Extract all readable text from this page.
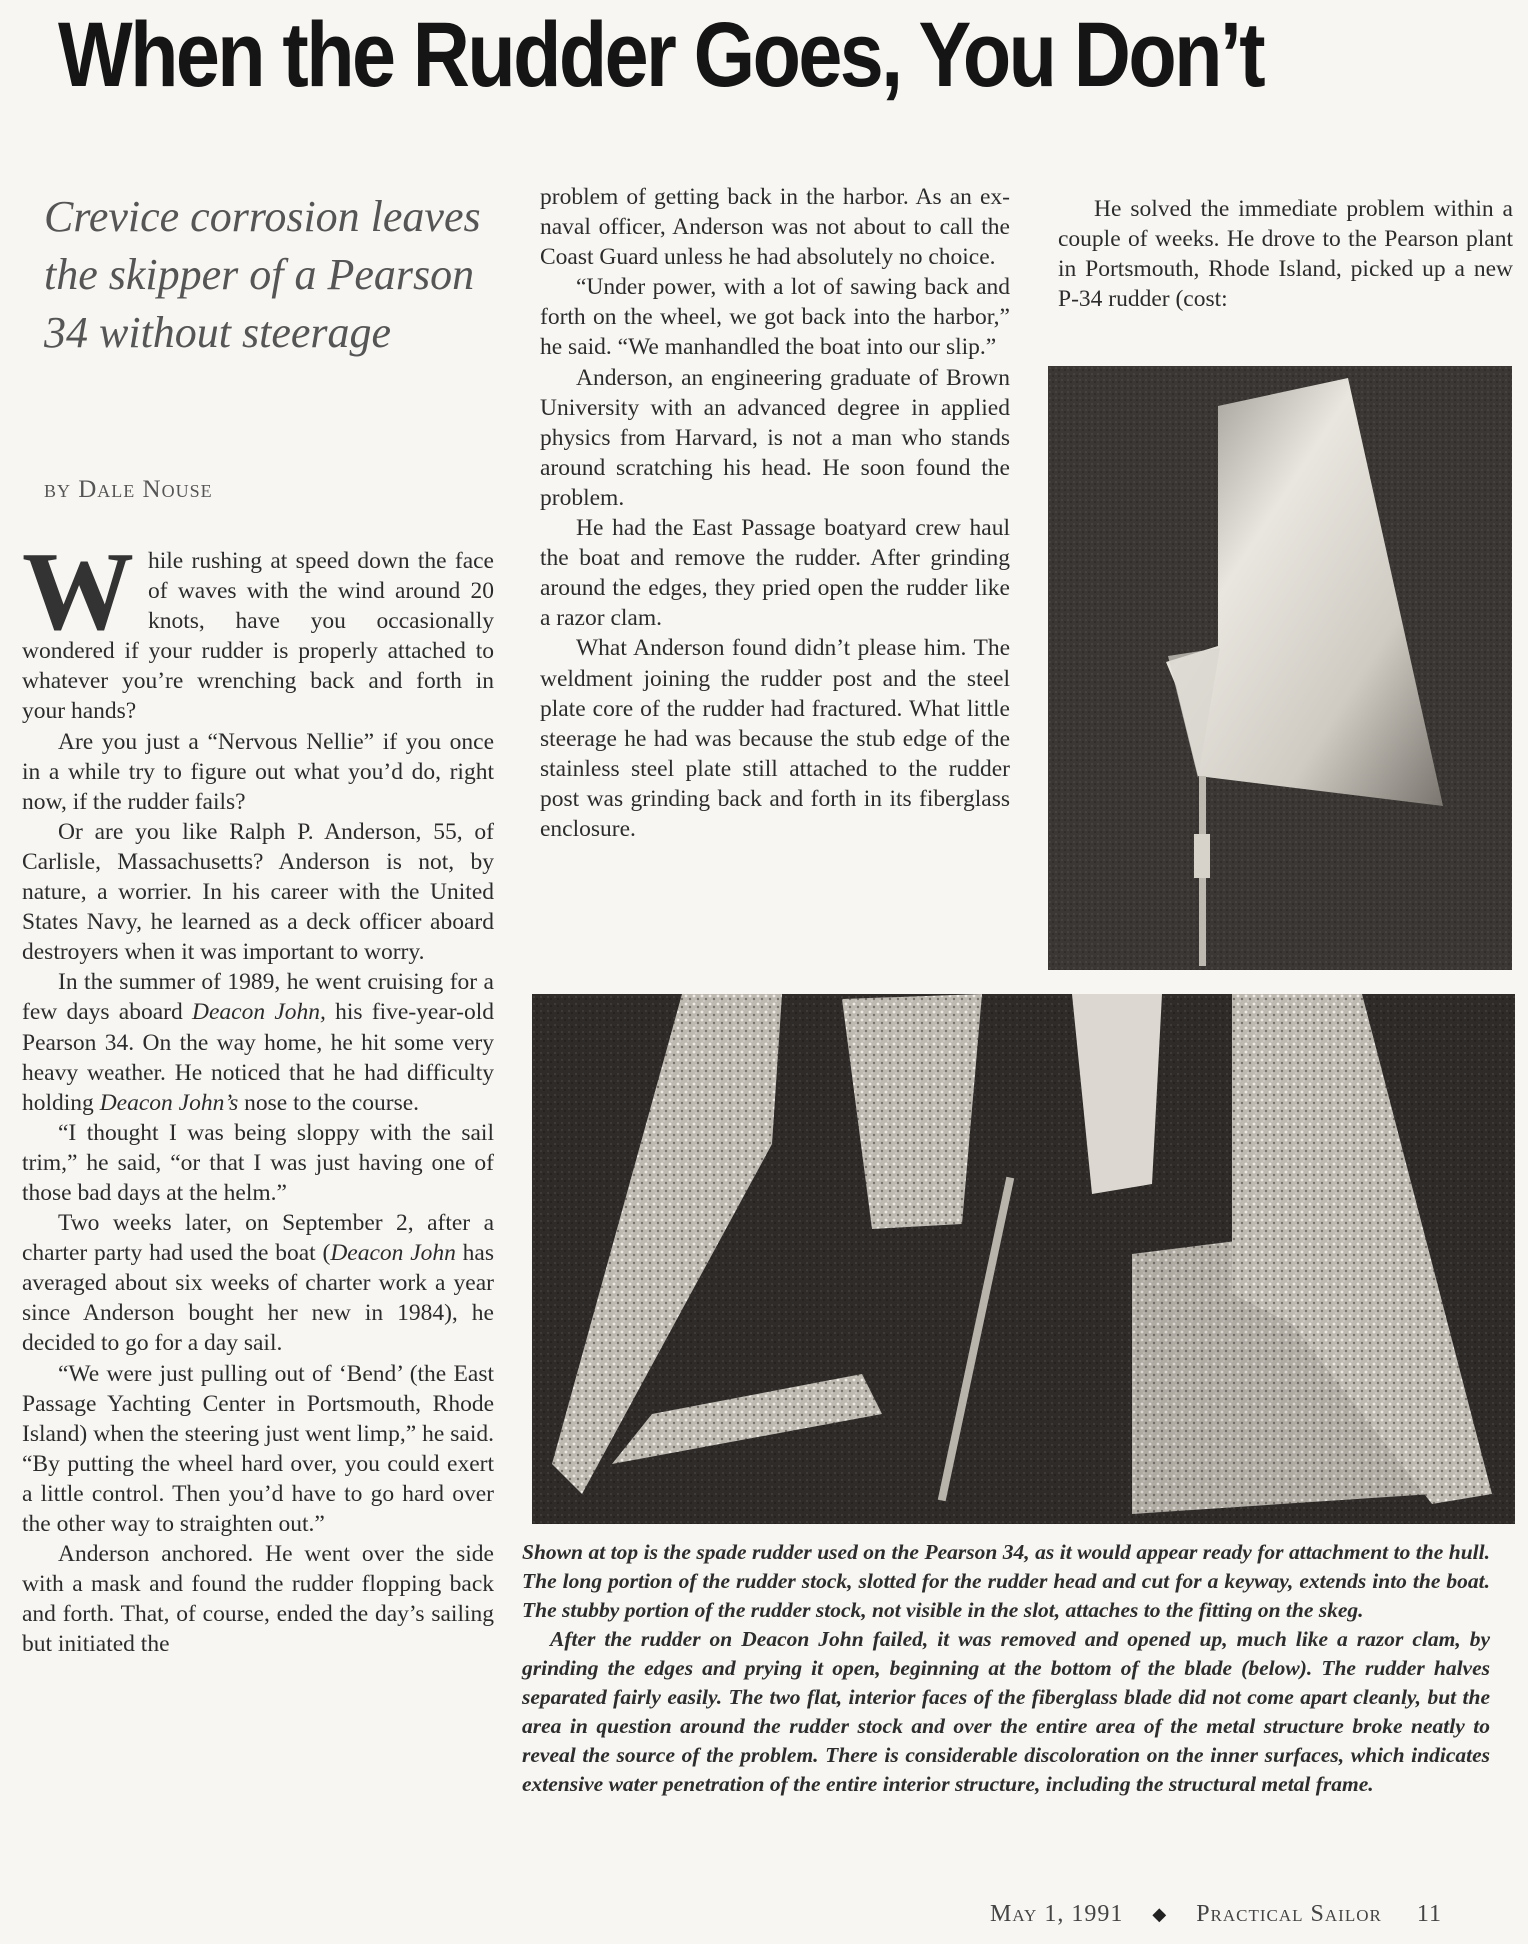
When the Rudder Goes, You Don’t
Crevice corrosion leaves the skipper of a Pearson 34 without steerage
by Dale Nouse

While rushing at speed down the face of waves with the wind around 20 knots, have you occasionally wondered if your rudder is properly attached to whatever you’re wrenching back and forth in your hands?

Are you just a “Nervous Nellie” if you once in a while try to figure out what you’d do, right now, if the rudder fails?

Or are you like Ralph P. Anderson, 55, of Carlisle, Massachusetts? Anderson is not, by nature, a worrier. In his career with the United States Navy, he learned as a deck officer aboard destroyers when it was important to worry.

In the summer of 1989, he went cruising for a few days aboard Deacon John, his five-year-old Pearson 34. On the way home, he hit some very heavy weather. He noticed that he had difficulty holding Deacon John’s nose to the course.

“I thought I was being sloppy with the sail trim,” he said, “or that I was just having one of those bad days at the helm.”

Two weeks later, on September 2, after a charter party had used the boat (Deacon John has averaged about six weeks of charter work a year since Anderson bought her new in 1984), he decided to go for a day sail.

“We were just pulling out of ‘Bend’ (the East Passage Yachting Center in Portsmouth, Rhode Island) when the steering just went limp,” he said. “By putting the wheel hard over, you could exert a little control. Then you’d have to go hard over the other way to straighten out.”

Anderson anchored. He went over the side with a mask and found the rudder flopping back and forth. That, of course, ended the day’s sailing but initiated the

problem of getting back in the harbor. As an ex-naval officer, Anderson was not about to call the Coast Guard unless he had absolutely no choice.

“Under power, with a lot of sawing back and forth on the wheel, we got back into the harbor,” he said. “We manhandled the boat into our slip.”

Anderson, an engineering graduate of Brown University with an advanced degree in applied physics from Harvard, is not a man who stands around scratching his head. He soon found the problem.

He had the East Passage boatyard crew haul the boat and remove the rudder. After grinding around the edges, they pried open the rudder like a razor clam.

What Anderson found didn’t please him. The weldment joining the rudder post and the steel plate core of the rudder had fractured. What little steerage he had was because the stub edge of the stainless steel plate still attached to the rudder post was grinding back and forth in its fiberglass enclosure.

He solved the immediate problem within a couple of weeks. He drove to the Pearson plant in Portsmouth, Rhode Island, picked up a new P-34 rudder (cost:

Shown at top is the spade rudder used on the Pearson 34, as it would appear ready for attachment to the hull. The long portion of the rudder stock, slotted for the rudder head and cut for a keyway, extends into the boat. The stubby portion of the rudder stock, not visible in the slot, attaches to the fitting on the skeg.

After the rudder on Deacon John failed, it was removed and opened up, much like a razor clam, by grinding the edges and prying it open, beginning at the bottom of the blade (below). The rudder halves separated fairly easily. The two flat, interior faces of the fiberglass blade did not come apart cleanly, but the area in question around the rudder stock and over the entire area of the metal structure broke neatly to reveal the source of the problem. There is considerable discoloration on the inner surfaces, which indicates extensive water penetration of the entire interior structure, including the structural metal frame.

May 1, 1991 ◆ Practical Sailor 11
